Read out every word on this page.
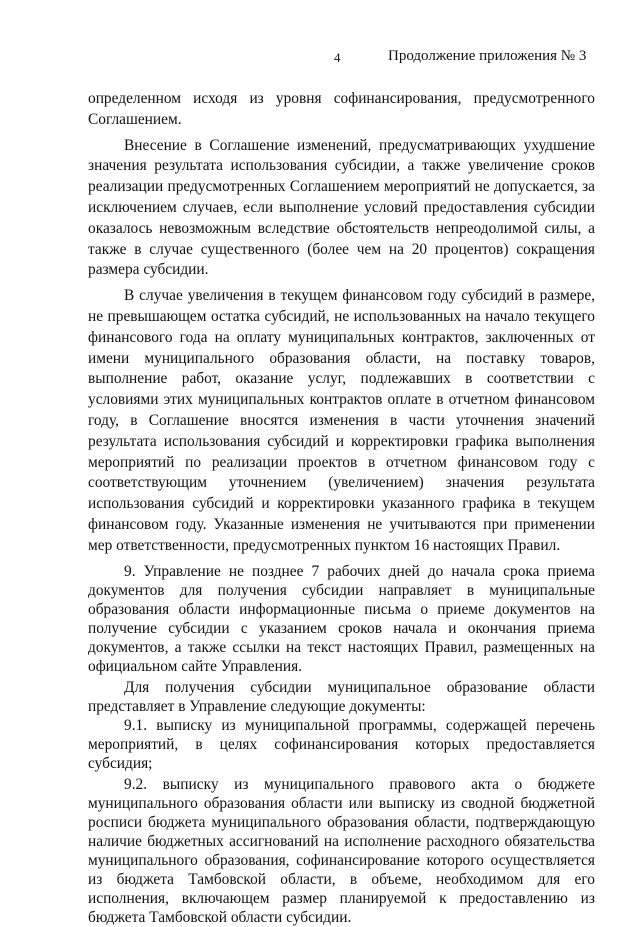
4	Продолжение приложения № 3

определенном исходя из уровня софинансирования, предусмотренного Соглашением.

Внесение в Соглашение изменений, предусматривающих ухудшение значения результата использования субсидии, а также увеличение сроков реализации предусмотренных Соглашением мероприятий не допускается, за исключением случаев, если выполнение условий предоставления субсидии оказалось невозможным вследствие обстоятельств непреодолимой силы, а также в случае существенного (более чем на 20 процентов) сокращения размера субсидии.

В случае увеличения в текущем финансовом году субсидий в размере, не превышающем остатка субсидий, не использованных на начало текущего финансового года на оплату муниципальных контрактов, заключенных от имени муниципального образования области, на поставку товаров, выполнение работ, оказание услуг, подлежавших в соответствии с условиями этих муниципальных контрактов оплате в отчетном финансовом году, в Соглашение вносятся изменения в части уточнения значений результата использования субсидий и корректировки графика выполнения мероприятий по реализации проектов в отчетном финансовом году с соответствующим уточнением (увеличением) значения результата использования субсидий и корректировки указанного графика в текущем финансовом году. Указанные изменения не учитываются при применении мер ответственности, предусмотренных пунктом 16 настоящих Правил.

9. Управление не позднее 7 рабочих дней до начала срока приема документов для получения субсидии направляет в муниципальные образования области информационные письма о приеме документов на получение субсидии с указанием сроков начала и окончания приема документов, а также ссылки на текст настоящих Правил, размещенных на официальном сайте Управления.

Для получения субсидии муниципальное образование области представляет в Управление следующие документы:

9.1. выписку из муниципальной программы, содержащей перечень мероприятий, в целях софинансирования которых предоставляется субсидия;

9.2. выписку из муниципального правового акта о бюджете муниципального образования области или выписку из сводной бюджетной росписи бюджета муниципального образования области, подтверждающую наличие бюджетных ассигнований на исполнение расходного обязательства муниципального образования, софинансирование которого осуществляется из бюджета Тамбовской области, в объеме, необходимом для его исполнения, включающем размер планируемой к предоставлению из бюджета Тамбовской области субсидии.
